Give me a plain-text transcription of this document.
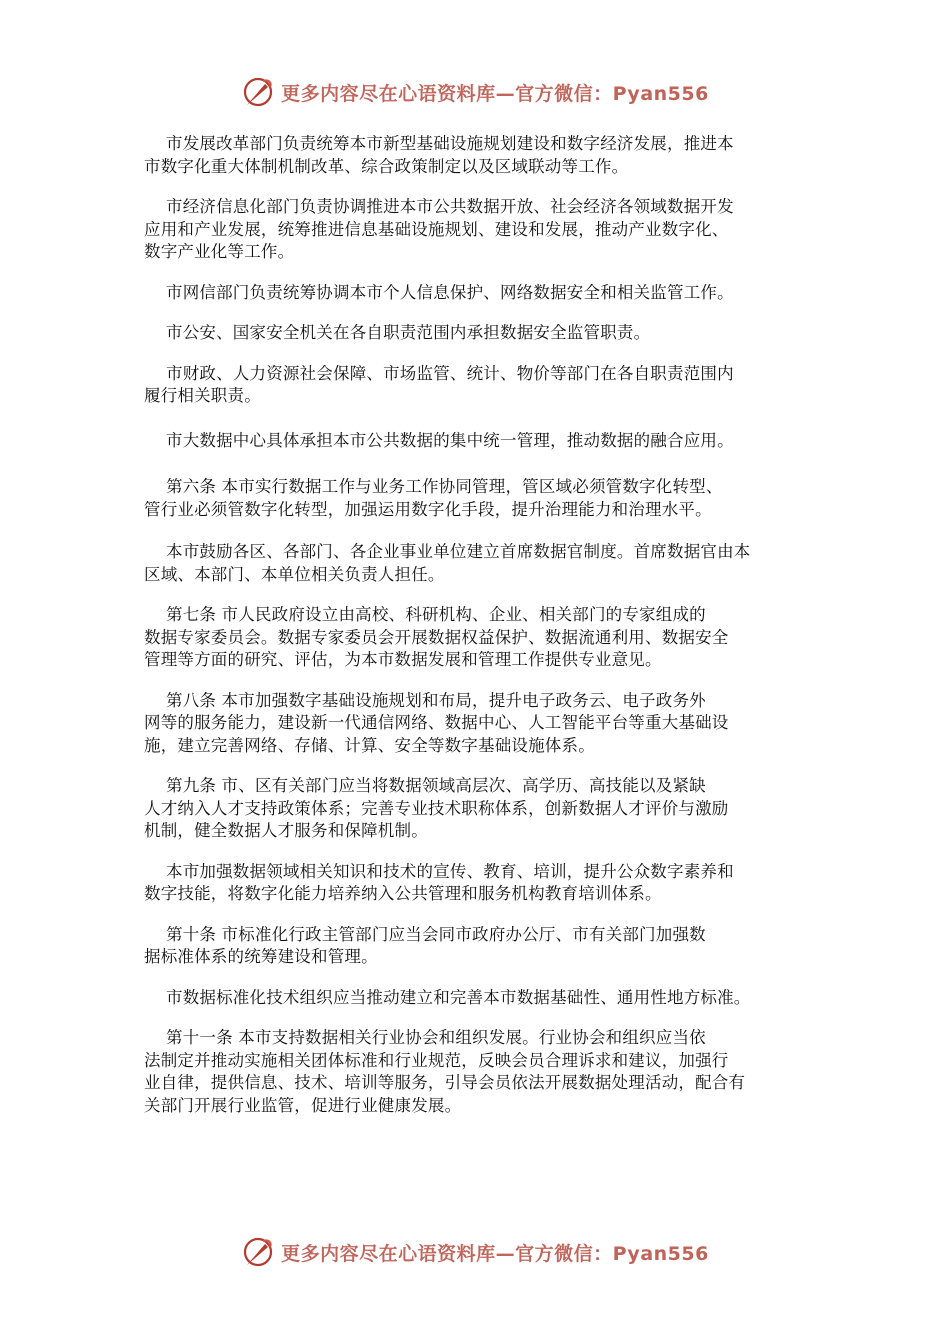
更多内容尽在心语资料库—官方微信：Pyan556

市发展改革部门负责统筹本市新型基础设施规划建设和数字经济发展，推进本
市数字化重大体制机制改革、综合政策制定以及区域联动等工作。

市经济信息化部门负责协调推进本市公共数据开放、社会经济各领域数据开发
应用和产业发展，统筹推进信息基础设施规划、建设和发展，推动产业数字化、
数字产业化等工作。

市网信部门负责统筹协调本市个人信息保护、网络数据安全和相关监管工作。

市公安、国家安全机关在各自职责范围内承担数据安全监管职责。

市财政、人力资源社会保障、市场监管、统计、物价等部门在各自职责范围内
履行相关职责。

市大数据中心具体承担本市公共数据的集中统一管理，推动数据的融合应用。

第六条 本市实行数据工作与业务工作协同管理，管区域必须管数字化转型、
管行业必须管数字化转型，加强运用数字化手段，提升治理能力和治理水平。

本市鼓励各区、各部门、各企业事业单位建立首席数据官制度。首席数据官由本
区域、本部门、本单位相关负责人担任。

第七条 市人民政府设立由高校、科研机构、企业、相关部门的专家组成的
数据专家委员会。数据专家委员会开展数据权益保护、数据流通利用、数据安全
管理等方面的研究、评估，为本市数据发展和管理工作提供专业意见。

第八条 本市加强数字基础设施规划和布局，提升电子政务云、电子政务外
网等的服务能力，建设新一代通信网络、数据中心、人工智能平台等重大基础设
施，建立完善网络、存储、计算、安全等数字基础设施体系。

第九条 市、区有关部门应当将数据领域高层次、高学历、高技能以及紧缺
人才纳入人才支持政策体系；完善专业技术职称体系，创新数据人才评价与激励
机制，健全数据人才服务和保障机制。

本市加强数据领域相关知识和技术的宣传、教育、培训，提升公众数字素养和
数字技能，将数字化能力培养纳入公共管理和服务机构教育培训体系。

第十条 市标准化行政主管部门应当会同市政府办公厅、市有关部门加强数
据标准体系的统筹建设和管理。

市数据标准化技术组织应当推动建立和完善本市数据基础性、通用性地方标准。

第十一条 本市支持数据相关行业协会和组织发展。行业协会和组织应当依
法制定并推动实施相关团体标准和行业规范，反映会员合理诉求和建议，加强行
业自律，提供信息、技术、培训等服务，引导会员依法开展数据处理活动，配合有
关部门开展行业监管，促进行业健康发展。

更多内容尽在心语资料库—官方微信：Pyan556
